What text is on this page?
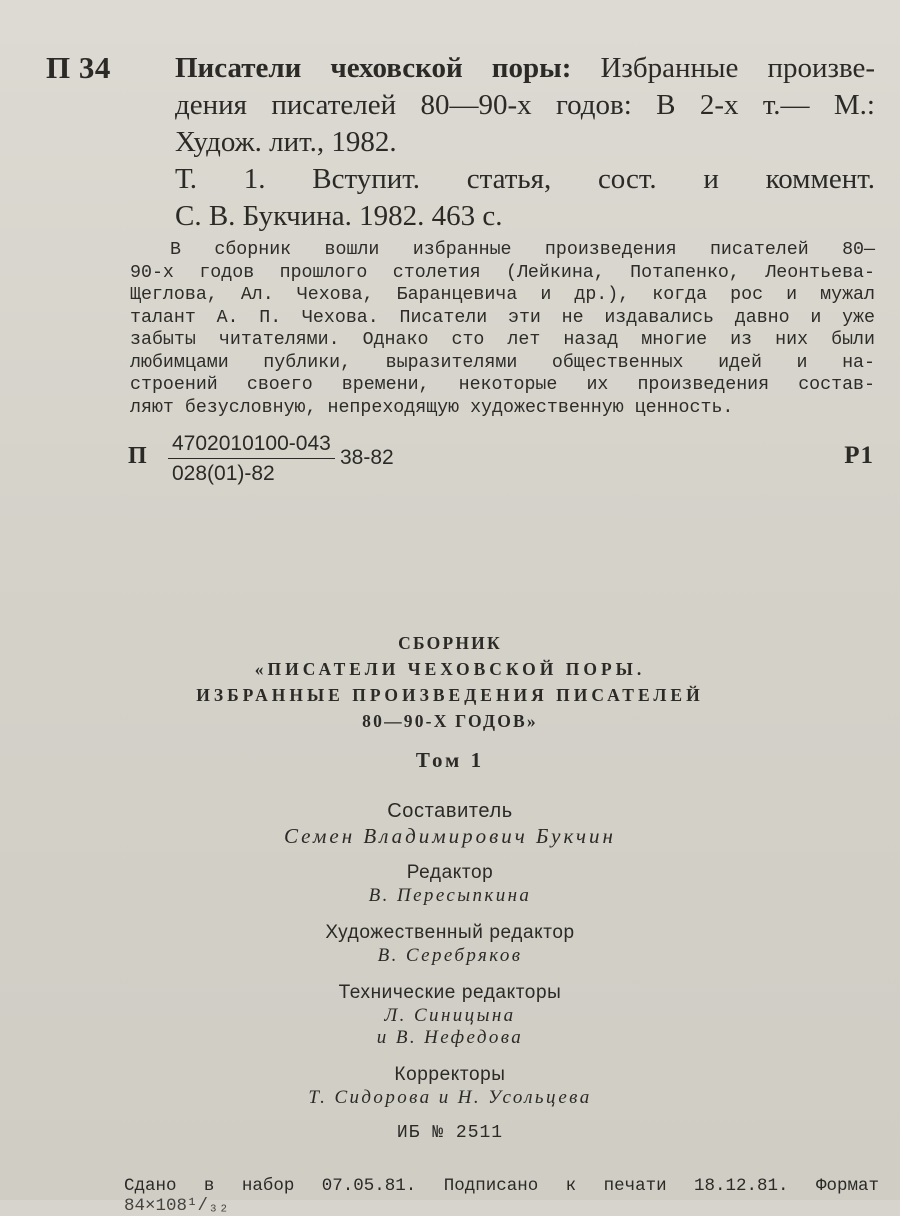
П 34 Писатели чеховской поры: Избранные произве-
дения писателей 80—90-х годов: В 2-х т.— М.:
Худож. лит., 1982.
Т. 1. Вступит. статья, сост. и коммент.
С. В. Букчина. 1982. 463 с.
В сборник вошли избранные произведения писателей 80—
90-х годов прошлого столетия (Лейкина, Потапенко, Леонтьева-
Щеглова, Ал. Чехова, Баранцевича и др.), когда рос и мужал
талант А. П. Чехова. Писатели эти не издавались давно и уже
забыты читателями. Однако сто лет назад многие из них были
любимцами публики, выразителями общественных идей и на-
строений своего времени, некоторые их произведения состав-
ляют безусловную, непреходящую художественную ценность.
П $\frac{4702010100-043}{028(01)-82} 38-82$	Р1
СБОРНИК
«ПИСАТЕЛИ ЧЕХОВСКОЙ ПОРЫ.
ИЗБРАННЫЕ ПРОИЗВЕДЕНИЯ ПИСАТЕЛЕЙ
80—90-Х ГОДОВ»
Том 1
Составитель
Семен Владимирович Букчин
Редактор
В. Пересыпкина
Художественный редактор
В. Серебряков
Технические редакторы
Л. Синицына
и В. Нефедова
Корректоры
Т. Сидорова и Н. Усольцева
ИБ № 2511
Сдано в набор 07.05.81. Подписано к печати 18.12.81. Формат
84×108¹/₃₂
